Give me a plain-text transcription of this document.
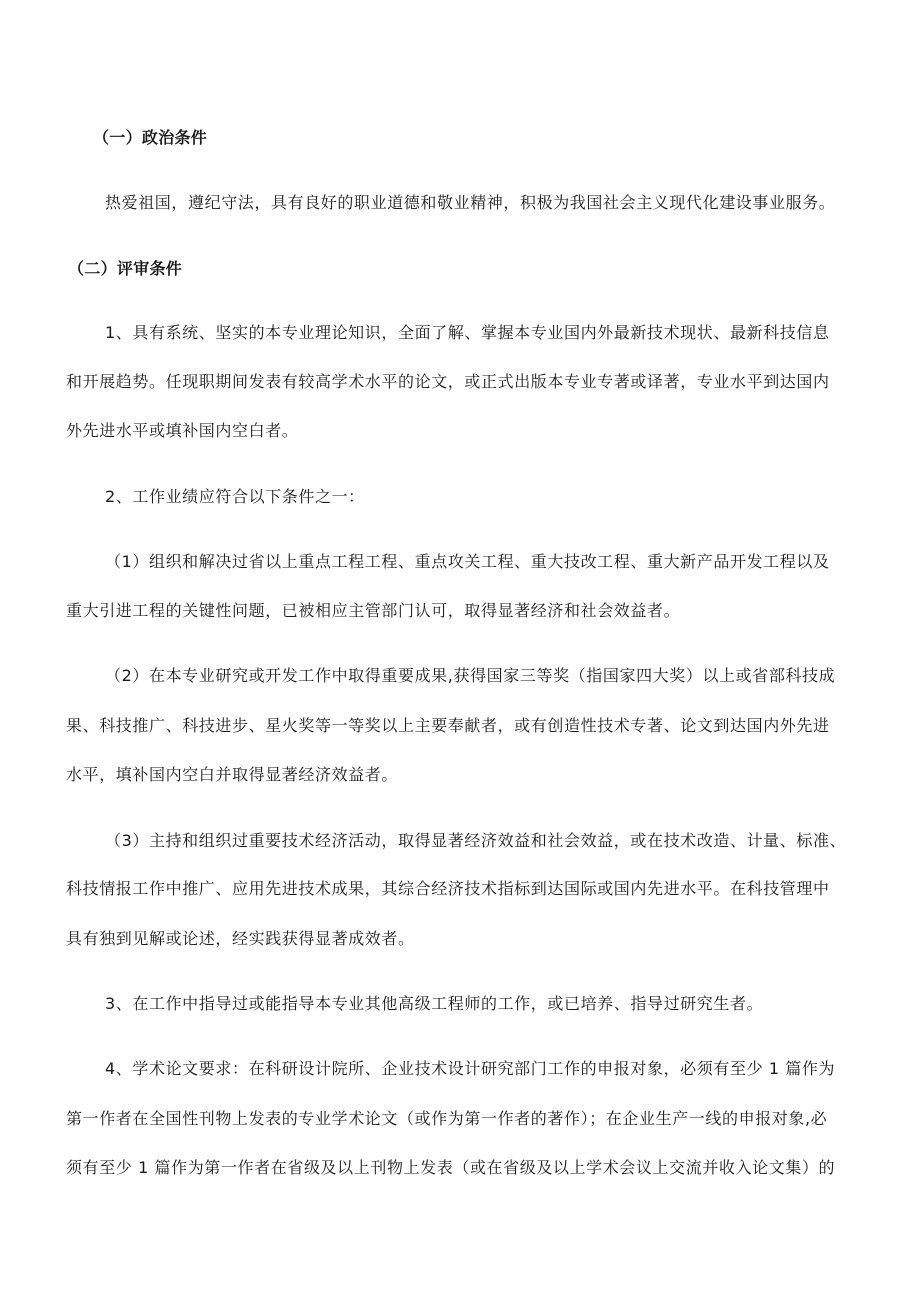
（一）政治条件
热爱祖国，遵纪守法，具有良好的职业道德和敬业精神，积极为我国社会主义现代化建设事业服务。
（二）评审条件
1、具有系统、坚实的本专业理论知识，全面了解、掌握本专业国内外最新技术现状、最新科技信息
和开展趋势。任现职期间发表有较高学术水平的论文，或正式出版本专业专著或译著，专业水平到达国内
外先进水平或填补国内空白者。
2、工作业绩应符合以下条件之一：
（1）组织和解决过省以上重点工程工程、重点攻关工程、重大技改工程、重大新产品开发工程以及
重大引进工程的关键性问题，已被相应主管部门认可，取得显著经济和社会效益者。
（2）在本专业研究或开发工作中取得重要成果,获得国家三等奖（指国家四大奖）以上或省部科技成
果、科技推广、科技进步、星火奖等一等奖以上主要奉献者，或有创造性技术专著、论文到达国内外先进
水平，填补国内空白并取得显著经济效益者。
（3）主持和组织过重要技术经济活动，取得显著经济效益和社会效益，或在技术改造、计量、标准、
科技情报工作中推广、应用先进技术成果，其综合经济技术指标到达国际或国内先进水平。在科技管理中
具有独到见解或论述，经实践获得显著成效者。
3、在工作中指导过或能指导本专业其他高级工程师的工作，或已培养、指导过研究生者。
4、学术论文要求：在科研设计院所、企业技术设计研究部门工作的申报对象，必须有至少 1 篇作为
第一作者在全国性刊物上发表的专业学术论文（或作为第一作者的著作）；在企业生产一线的申报对象,必
须有至少 1 篇作为第一作者在省级及以上刊物上发表（或在省级及以上学术会议上交流并收入论文集）的
